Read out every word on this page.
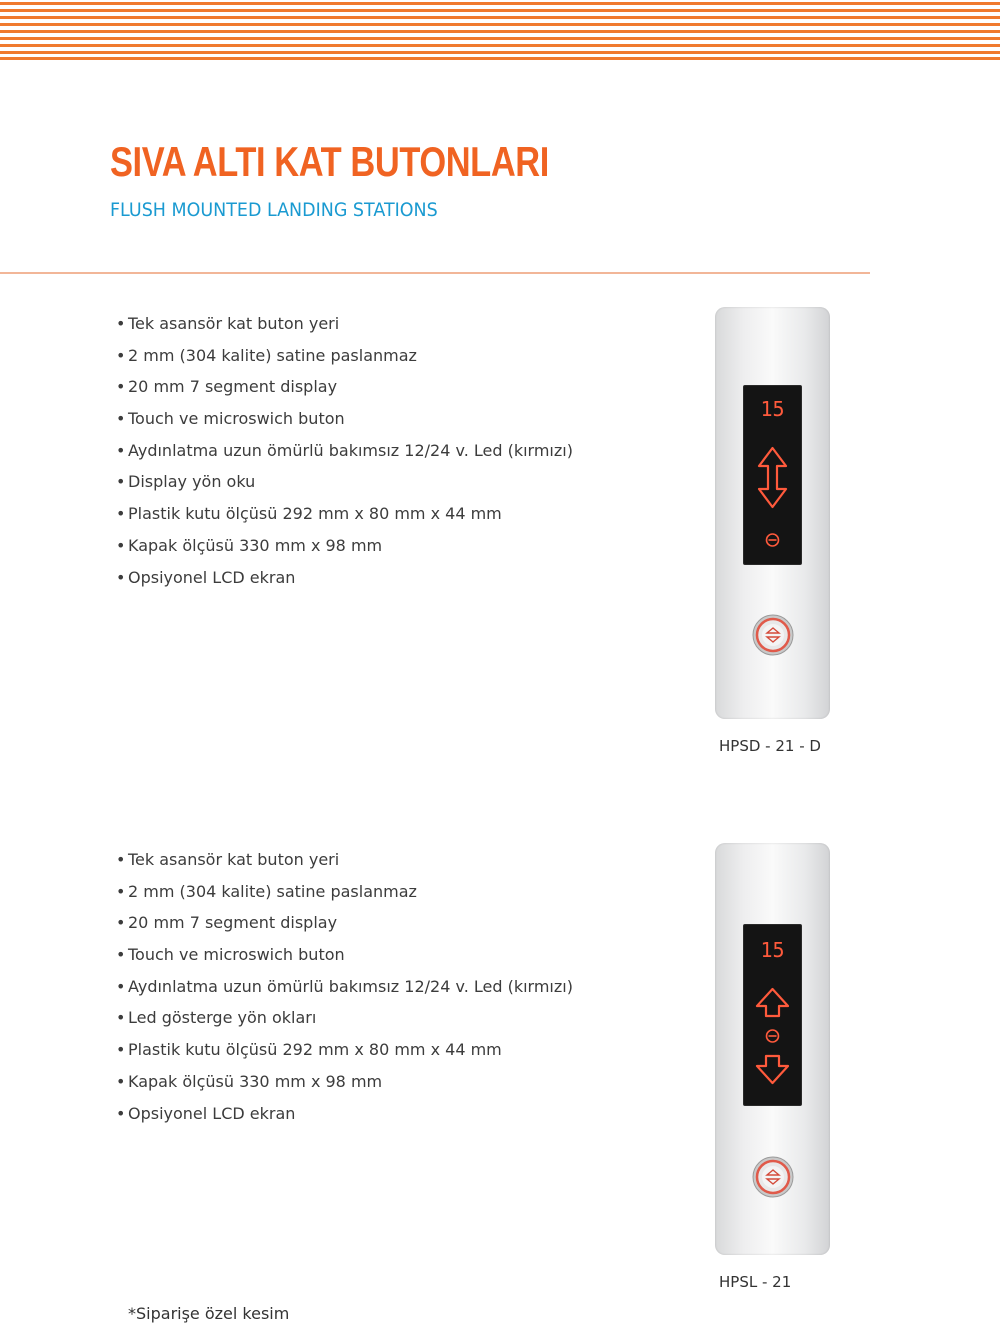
SIVA ALTI KAT BUTONLARI
FLUSH MOUNTED LANDING STATIONS
• Tek asansör kat buton yeri
• 2 mm (304 kalite) satine paslanmaz
• 20 mm 7 segment display
• Touch ve microswich buton
• Aydınlatma uzun ömürlü bakımsız 12/24 v. Led (kırmızı)
• Display yön oku
• Plastik kutu ölçüsü 292 mm x 80 mm x 44 mm
• Kapak ölçüsü 330 mm x 98 mm
• Opsiyonel LCD ekran
15
HPSD - 21 - D
• Tek asansör kat buton yeri
• 2 mm (304 kalite) satine paslanmaz
• 20 mm 7 segment display
• Touch ve microswich buton
• Aydınlatma uzun ömürlü bakımsız 12/24 v. Led (kırmızı)
• Led gösterge yön okları
• Plastik kutu ölçüsü 292 mm x 80 mm x 44 mm
• Kapak ölçüsü 330 mm x 98 mm
• Opsiyonel LCD ekran
15
HPSL - 21
*Siparişe özel kesim
